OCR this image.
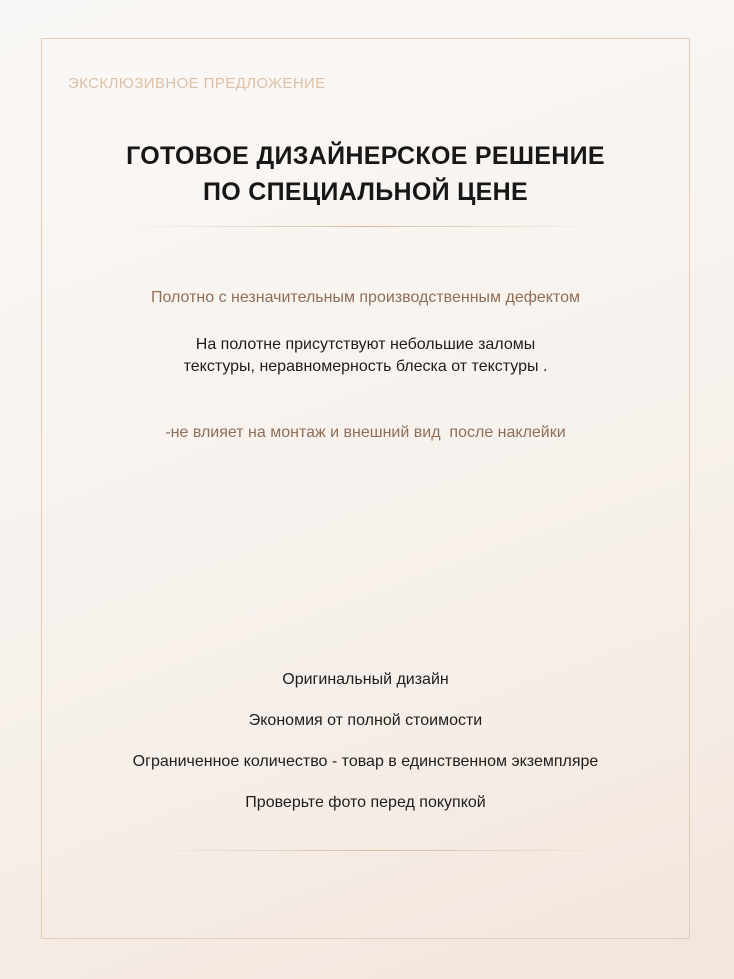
ЭКСКЛЮЗИВНОЕ ПРЕДЛОЖЕНИЕ
ГОТОВОЕ ДИЗАЙНЕРСКОЕ РЕШЕНИЕ
ПО СПЕЦИАЛЬНОЙ ЦЕНЕ
Полотно с незначительным производственным дефектом
На полотне присутствуют небольшие заломы
текстуры, неравномерность блеска от текстуры .
-не влияет на монтаж и внешний вид  после наклейки
Оригинальный дизайн
Экономия от полной стоимости
Ограниченное количество - товар в единственном экземпляре
Проверьте фото перед покупкой
